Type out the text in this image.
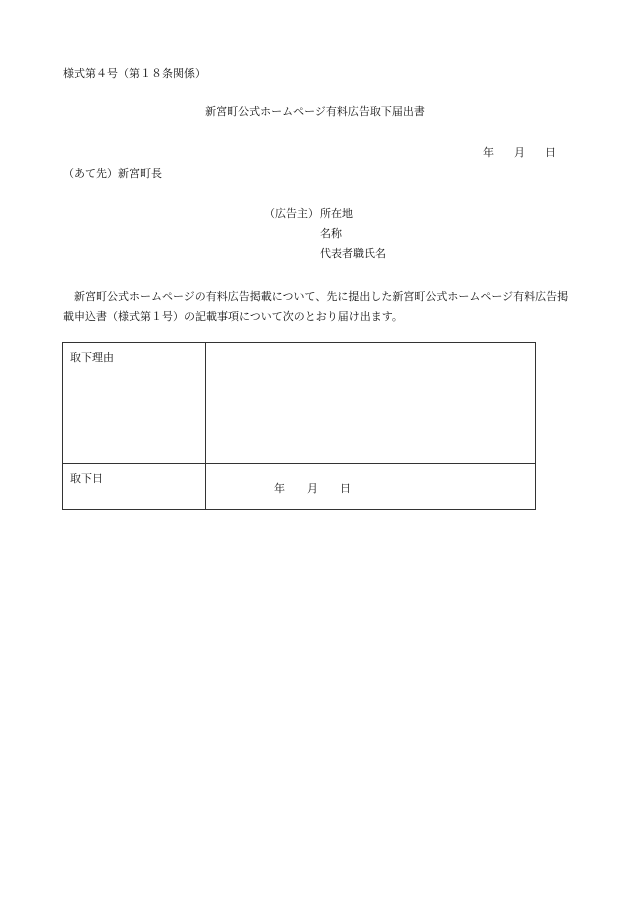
様式第４号（第１８条関係）
新宮町公式ホームページ有料広告取下届出書
年 月 日
（あて先）新宮町長
（広告主） 所在地
名称
代表者職氏名
新宮町公式ホームページの有料広告掲載について、先に提出した新宮町公式ホームページ有料広告掲載申込書（様式第１号）の記載事項について次のとおり届け出ます。
取下理由	

取下日	年 月 日
